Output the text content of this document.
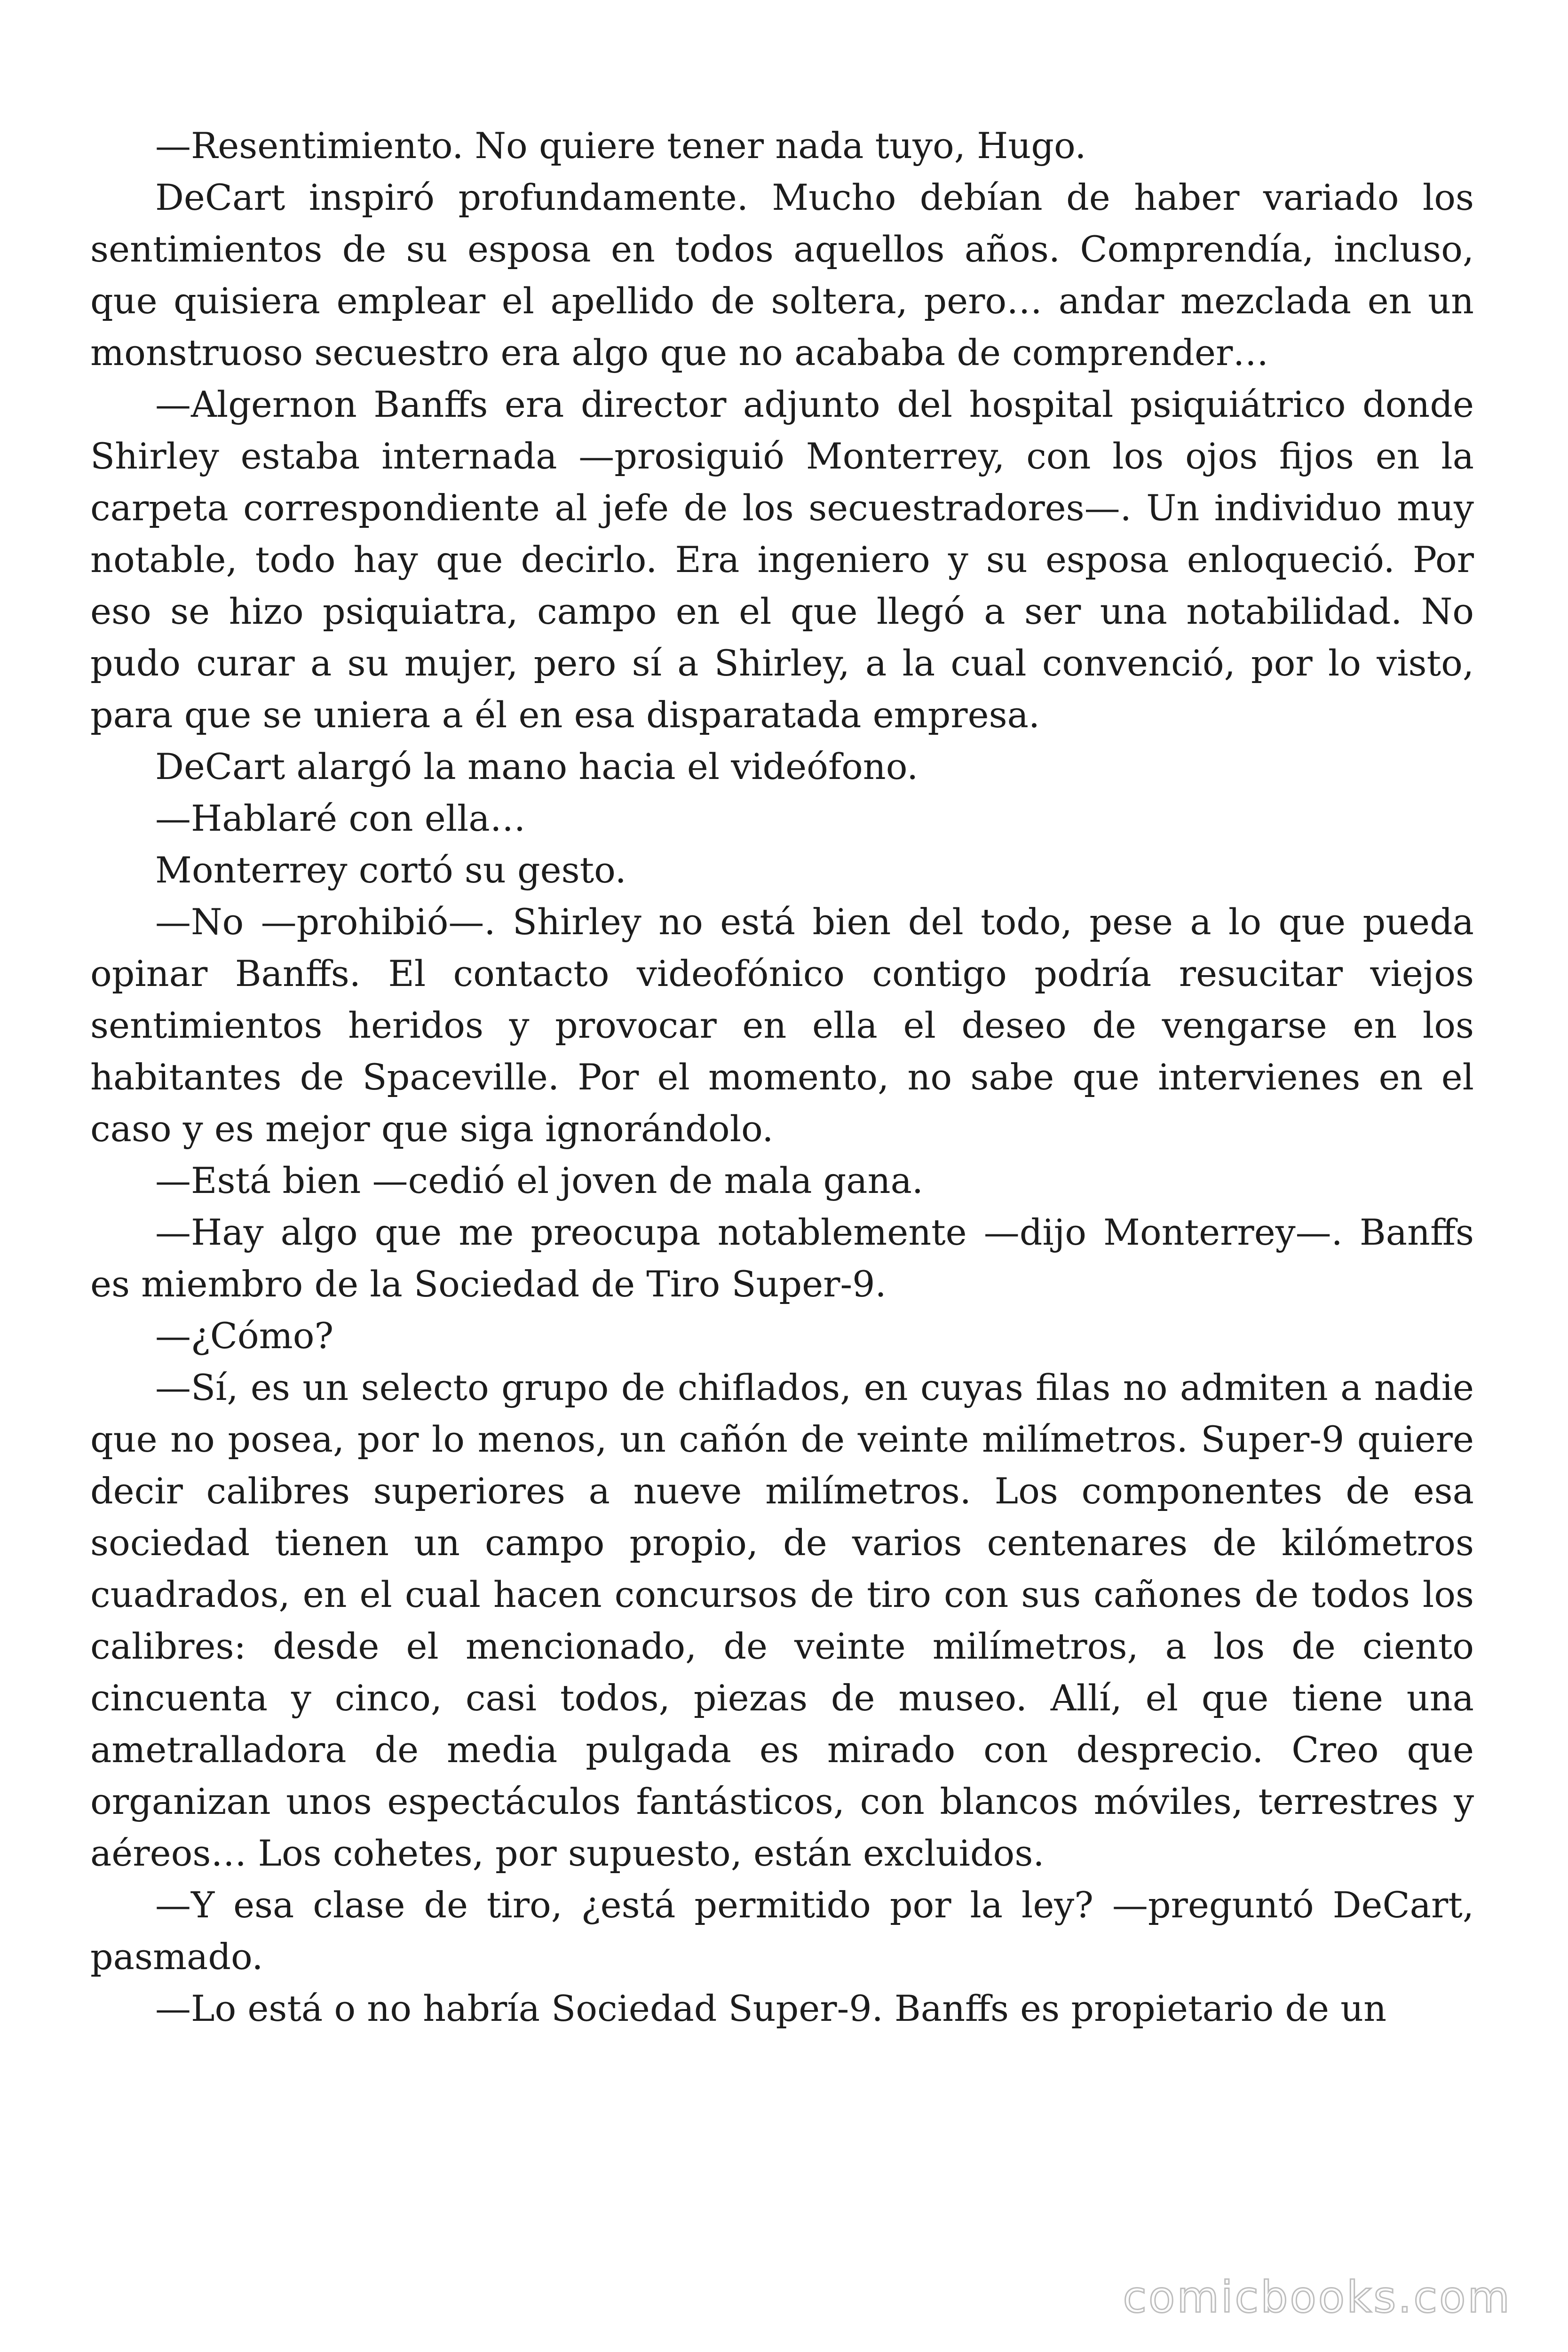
—Resentimiento. No quiere tener nada tuyo, Hugo.

DeCart inspiró profundamente. Mucho debían de haber variado los sentimientos de su esposa en todos aquellos años. Comprendía, incluso, que quisiera emplear el apellido de soltera, pero… andar mezclada en un monstruoso secuestro era algo que no acababa de comprender…

—Algernon Banffs era director adjunto del hospital psiquiátrico donde Shirley estaba internada —prosiguió Monterrey, con los ojos fijos en la carpeta correspondiente al jefe de los secuestradores—. Un individuo muy notable, todo hay que decirlo. Era ingeniero y su esposa enloqueció. Por eso se hizo psiquiatra, campo en el que llegó a ser una notabilidad. No pudo curar a su mujer, pero sí a Shirley, a la cual convenció, por lo visto, para que se uniera a él en esa disparatada empresa.

DeCart alargó la mano hacia el videófono.

—Hablaré con ella…

Monterrey cortó su gesto.

—No —prohibió—. Shirley no está bien del todo, pese a lo que pueda opinar Banffs. El contacto videofónico contigo podría resucitar viejos sentimientos heridos y provocar en ella el deseo de vengarse en los habitantes de Spaceville. Por el momento, no sabe que intervienes en el caso y es mejor que siga ignorándolo.

—Está bien —cedió el joven de mala gana.

—Hay algo que me preocupa notablemente —dijo Monterrey—. Banffs es miembro de la Sociedad de Tiro Super-9.

—¿Cómo?

—Sí, es un selecto grupo de chiflados, en cuyas filas no admiten a nadie que no posea, por lo menos, un cañón de veinte milímetros. Super-9 quiere decir calibres superiores a nueve milímetros. Los componentes de esa sociedad tienen un campo propio, de varios centenares de kilómetros cuadrados, en el cual hacen concursos de tiro con sus cañones de todos los calibres: desde el mencionado, de veinte milímetros, a los de ciento cincuenta y cinco, casi todos, piezas de museo. Allí, el que tiene una ametralladora de media pulgada es mirado con desprecio. Creo que organizan unos espectáculos fantásticos, con blancos móviles, terrestres y aéreos… Los cohetes, por supuesto, están excluidos.

—Y esa clase de tiro, ¿está permitido por la ley? —preguntó DeCart, pasmado.

—Lo está o no habría Sociedad Super-9. Banffs es propietario de un

comicbooks.com
